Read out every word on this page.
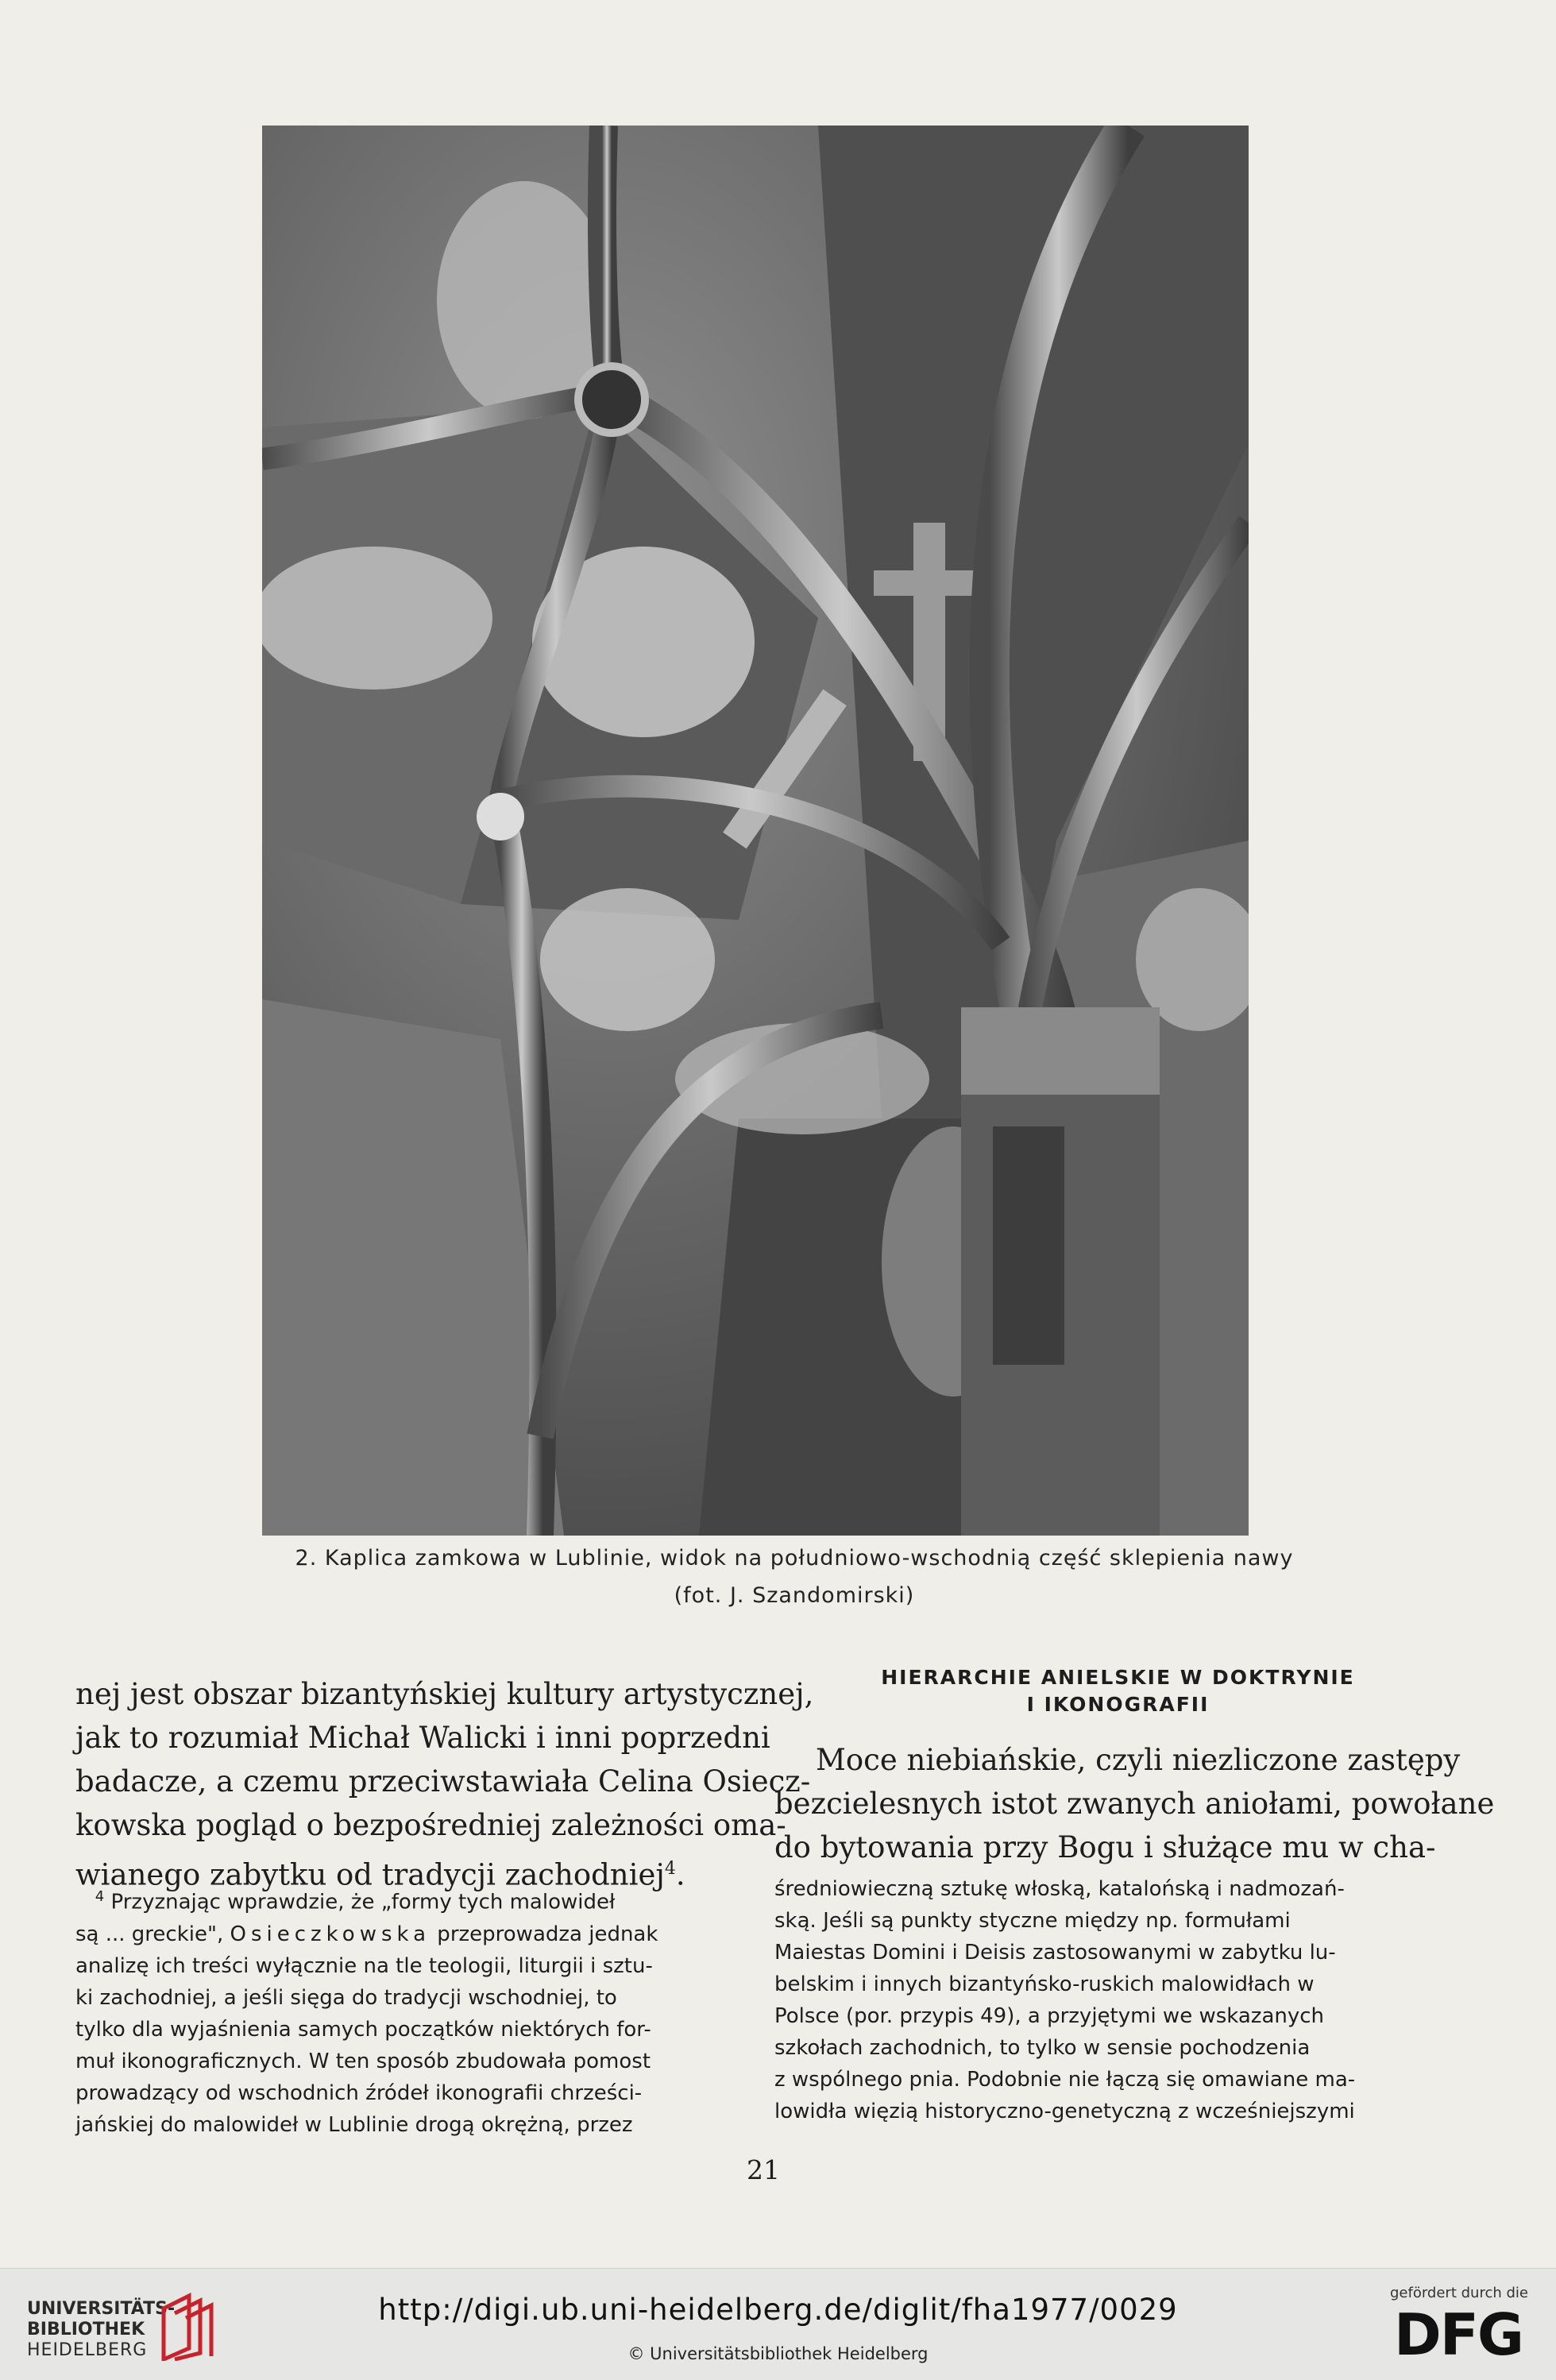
2. Kaplica zamkowa w Lublinie, widok na południowo-wschodnią część sklepienia nawy
(fot. J. Szandomirski)

nej jest obszar bizantyńskiej kultury artystycznej,
jak to rozumiał Michał Walicki i inni poprzedni
badacze, a czemu przeciwstawiała Celina Osiecz-
kowska pogląd o bezpośredniej zależności oma-
wianego zabytku od tradycji zachodniej$^4$.

$^4$ Przyznając wprawdzie, że „formy tych malowideł
są ... greckie", Osieczkowska przeprowadza jednak
analizę ich treści wyłącznie na tle teologii, liturgii i sztu-
ki zachodniej, a jeśli sięga do tradycji wschodniej, to
tylko dla wyjaśnienia samych początków niektórych for-
muł ikonograficznych. W ten sposób zbudowała pomost
prowadzący od wschodnich źródeł ikonografii chrześci-
jańskiej do malowideł w Lublinie drogą okrężną, przez

HIERARCHIE ANIELSKIE W DOKTRYNIE
I IKONOGRAFII

Moce niebiańskie, czyli niezliczone zastępy
bezcielesnych istot zwanych aniołami, powołane
do bytowania przy Bogu i służące mu w cha-

średniowieczną sztukę włoską, katalońską i nadmozań-
ską. Jeśli są punkty styczne między np. formułami
Maiestas Domini i Deisis zastosowanymi w zabytku lu-
belskim i innych bizantyńsko-ruskich malowidłach w
Polsce (por. przypis 49), a przyjętymi we wskazanych
szkołach zachodnich, to tylko w sensie pochodzenia
z wspólnego pnia. Podobnie nie łączą się omawiane ma-
lowidła więzią historyczno-genetyczną z wcześniejszymi

21
UNIVERSITÄTS-
BIBLIOTHEK
HEIDELBERG
http://digi.ub.uni-heidelberg.de/diglit/fha1977/0029
© Universitätsbibliothek Heidelberg
gefördert durch die
DFG
